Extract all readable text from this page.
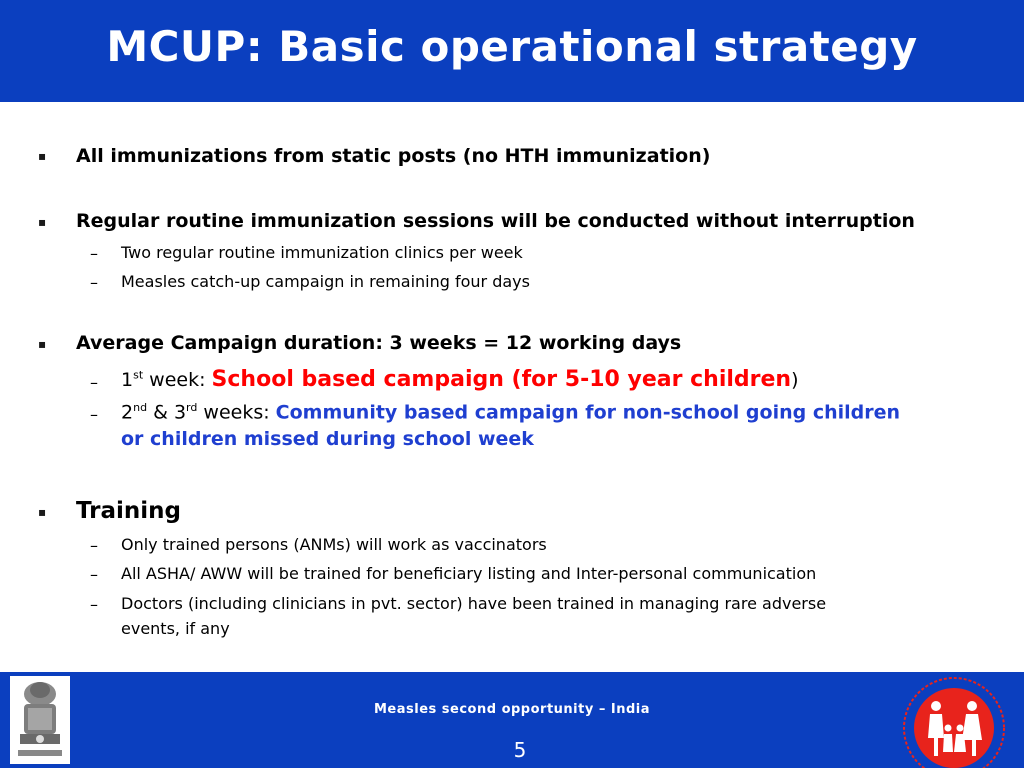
MCUP: Basic operational strategy
▪ All immunizations from static posts (no HTH immunization)
▪ Regular routine immunization sessions will be conducted without interruption
– Two regular routine immunization clinics per week
– Measles catch-up campaign in remaining four days
▪ Average Campaign duration: 3 weeks = 12 working days
– 1st week: School based campaign (for 5-10 year children)
– 2nd & 3rd weeks: Community based campaign for non-school going children
or children missed during school week
▪ Training
– Only trained persons (ANMs) will work as vaccinators
– All ASHA/ AWW will be trained for beneficiary listing and Inter-personal communication
– Doctors (including clinicians in pvt. sector) have been trained in managing rare adverse
events, if any
Measles second opportunity – India
5
